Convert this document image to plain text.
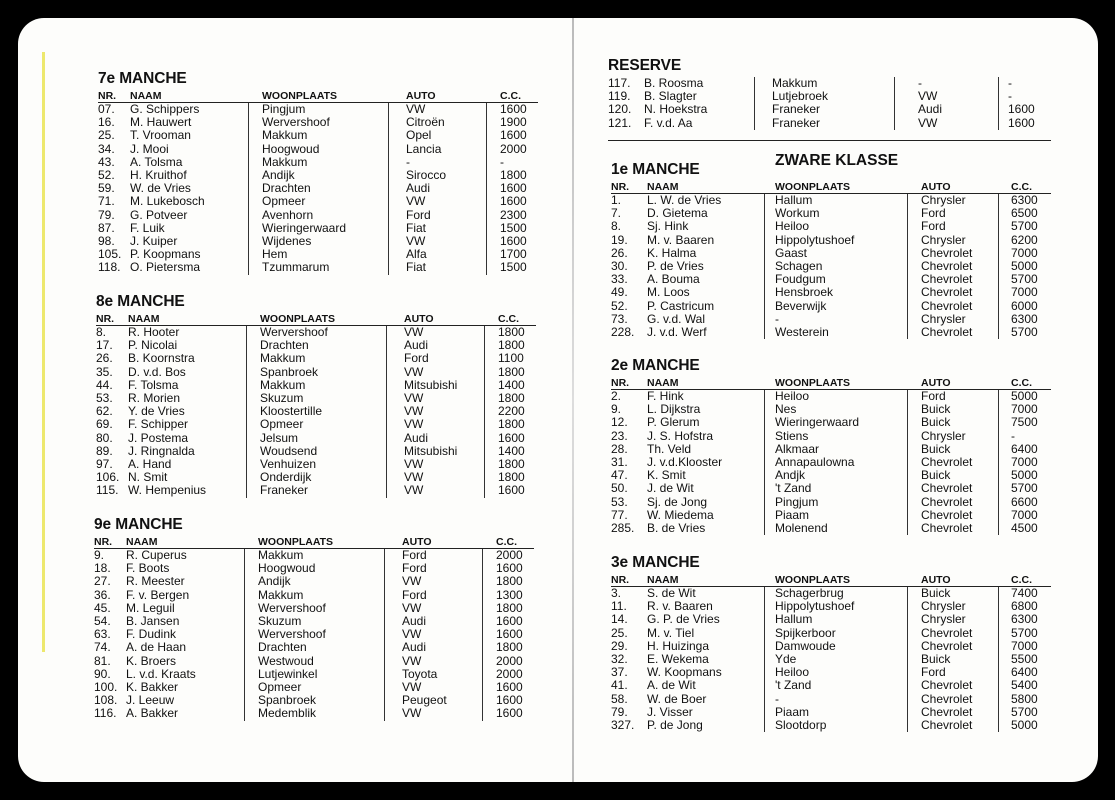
7e MANCHE
NR. NAAM	WOONPLAATS	AUTO	C.C.
07. G. Schippers	Pingjum	VW	1600
16. M. Hauwert	Wervershoof	Citroën	1900
25. T. Vrooman	Makkum	Opel	1600
34. J. Mooi	Hoogwoud	Lancia	2000
43. A. Tolsma	Makkum	-	-
52. H. Kruithof	Andijk	Sirocco	1800
59. W. de Vries	Drachten	Audi	1600
71. M. Lukebosch	Opmeer	VW	1600
79. G. Potveer	Avenhorn	Ford	2300
87. F. Luik	Wieringerwaard	Fiat	1500
98. J. Kuiper	Wijdenes	VW	1600
105. P. Koopmans	Hem	Alfa	1700
118. O. Pietersma	Tzummarum	Fiat	1500
8e MANCHE
NR. NAAM	WOONPLAATS	AUTO	C.C.
8. R. Hooter	Wervershoof	VW	1800
17. P. Nicolai	Drachten	Audi	1800
26. B. Koornstra	Makkum	Ford	1100
35. D. v.d. Bos	Spanbroek	VW	1800
44. F. Tolsma	Makkum	Mitsubishi	1400
53. R. Morien	Skuzum	VW	1800
62. Y. de Vries	Kloostertille	VW	2200
69. F. Schipper	Opmeer	VW	1800
80. J. Postema	Jelsum	Audi	1600
89. J. Ringnalda	Woudsend	Mitsubishi	1400
97. A. Hand	Venhuizen	VW	1800
106. N. Smit	Onderdijk	VW	1800
115. W. Hempenius	Franeker	VW	1600
9e MANCHE
NR. NAAM	WOONPLAATS	AUTO	C.C.
9. R. Cuperus	Makkum	Ford	2000
18. F. Boots	Hoogwoud	Ford	1600
27. R. Meester	Andijk	VW	1800
36. F. v. Bergen	Makkum	Ford	1300
45. M. Leguil	Wervershoof	VW	1800
54. B. Jansen	Skuzum	Audi	1600
63. F. Dudink	Wervershoof	VW	1600
74. A. de Haan	Drachten	Audi	1800
81. K. Broers	Westwoud	VW	2000
90. L. v.d. Kraats	Lutjewinkel	Toyota	2000
100. K. Bakker	Opmeer	VW	1600
108. J. Leeuw	Spanbroek	Peugeot	1600
116. A. Bakker	Medemblik	VW	1600
RESERVE
117. B. Roosma	Makkum	-	-
119. B. Slagter	Lutjebroek	VW	-
120. N. Hoekstra	Franeker	Audi	1600
121. F. v.d. Aa	Franeker	VW	1600
1e MANCHE
ZWARE KLASSE
NR. NAAM	WOONPLAATS	AUTO	C.C.
1. L. W. de Vries	Hallum	Chrysler	6300
7. D. Gietema	Workum	Ford	6500
8. Sj. Hink	Heiloo	Ford	5700
19. M. v. Baaren	Hippolytushoef	Chrysler	6200
26. K. Halma	Gaast	Chevrolet	7000
30. P. de Vries	Schagen	Chevrolet	5000
33. A. Bouma	Foudgum	Chevrolet	5700
49. M. Loos	Hensbroek	Chevrolet	7000
52. P. Castricum	Beverwijk	Chevrolet	6000
73. G. v.d. Wal	-	Chrysler	6300
228. J. v.d. Werf	Westerein	Chevrolet	5700
2e MANCHE
NR. NAAM	WOONPLAATS	AUTO	C.C.
2. F. Hink	Heiloo	Ford	5000
9. L. Dijkstra	Nes	Buick	7000
12. P. Glerum	Wieringerwaard	Buick	7500
23. J. S. Hofstra	Stiens	Chrysler	-
28. Th. Veld	Alkmaar	Buick	6400
31. J. v.d.Klooster	Annapaulowna	Chevrolet	7000
47. K. Smit	Andjk	Buick	5000
50. J. de Wit	't Zand	Chevrolet	5700
53. Sj. de Jong	Pingjum	Chevrolet	6600
77. W. Miedema	Piaam	Chevrolet	7000
285. B. de Vries	Molenend	Chevrolet	4500
3e MANCHE
NR. NAAM	WOONPLAATS	AUTO	C.C.
3. S. de Wit	Schagerbrug	Buick	7400
11. R. v. Baaren	Hippolytushoef	Chrysler	6800
14. G. P. de Vries	Hallum	Chrysler	6300
25. M. v. Tiel	Spijkerboor	Chevrolet	5700
29. H. Huizinga	Damwoude	Chevrolet	7000
32. E. Wekema	Yde	Buick	5500
37. W. Koopmans	Heiloo	Ford	6400
41. A. de Wit	't Zand	Chevrolet	5400
58. W. de Boer	-	Chevrolet	5800
79. J. Visser	Piaam	Chevrolet	5700
327. P. de Jong	Slootdorp	Chevrolet	5000
